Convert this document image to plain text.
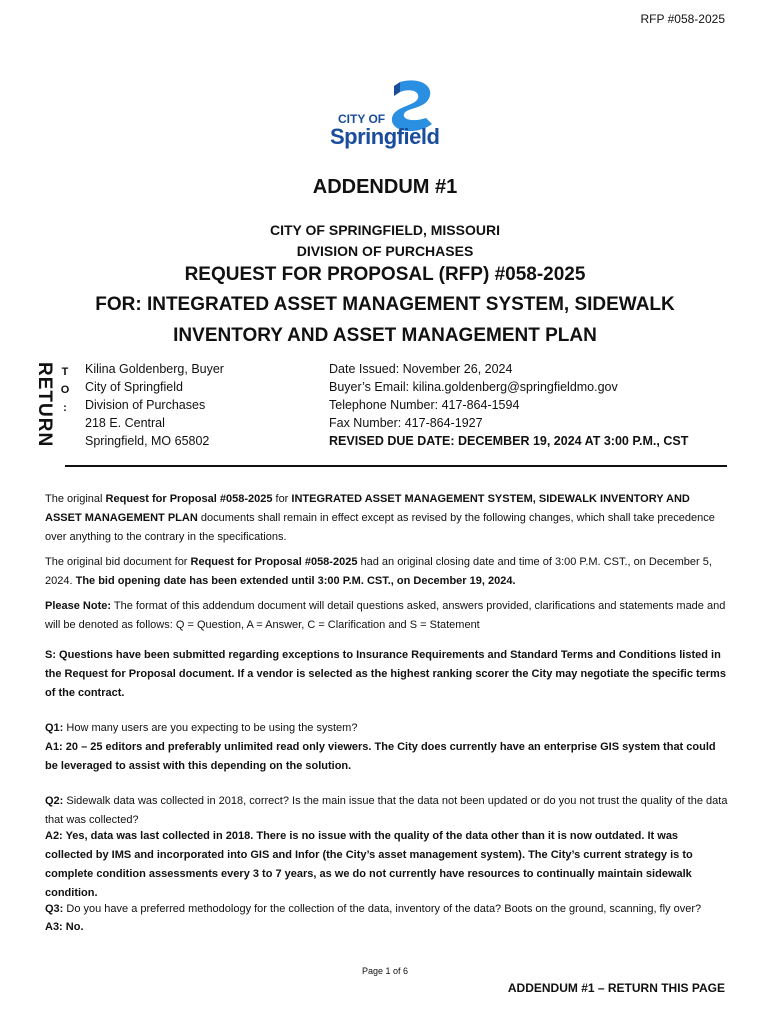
RFP #058-2025
CITY OF
Springfield
ADDENDUM #1
CITY OF SPRINGFIELD, MISSOURI
DIVISION OF PURCHASES
REQUEST FOR PROPOSAL (RFP) #058-2025
FOR: INTEGRATED ASSET MANAGEMENT SYSTEM, SIDEWALK
INVENTORY AND ASSET MANAGEMENT PLAN
RETURN T
O
:
Kilina Goldenberg, Buyer
City of Springfield
Division of Purchases
218 E. Central
Springfield, MO 65802
Date Issued: November 26, 2024
Buyer’s Email: kilina.goldenberg@springfieldmo.gov
Telephone Number: 417-864-1594
Fax Number: 417-864-1927
REVISED DUE DATE: DECEMBER 19, 2024 AT 3:00 P.M., CST
The original Request for Proposal #058-2025 for INTEGRATED ASSET MANAGEMENT SYSTEM, SIDEWALK INVENTORY AND ASSET MANAGEMENT PLAN documents shall remain in effect except as revised by the following changes, which shall take precedence over anything to the contrary in the specifications.
The original bid document for Request for Proposal #058-2025 had an original closing date and time of 3:00 P.M. CST., on December 5, 2024. The bid opening date has been extended until 3:00 P.M. CST., on December 19, 2024.
Please Note: The format of this addendum document will detail questions asked, answers provided, clarifications and statements made and will be denoted as follows: Q = Question, A = Answer, C = Clarification and S = Statement
S: Questions have been submitted regarding exceptions to Insurance Requirements and Standard Terms and Conditions listed in the Request for Proposal document. If a vendor is selected as the highest ranking scorer the City may negotiate the specific terms of the contract.
Q1: How many users are you expecting to be using the system?
A1: 20 – 25 editors and preferably unlimited read only viewers. The City does currently have an enterprise GIS system that could be leveraged to assist with this depending on the solution.
Q2: Sidewalk data was collected in 2018, correct? Is the main issue that the data not been updated or do you not trust the quality of the data that was collected?
A2: Yes, data was last collected in 2018. There is no issue with the quality of the data other than it is now outdated. It was collected by IMS and incorporated into GIS and Infor (the City’s asset management system). The City’s current strategy is to complete condition assessments every 3 to 7 years, as we do not currently have resources to continually maintain sidewalk condition.
Q3: Do you have a preferred methodology for the collection of the data, inventory of the data? Boots on the ground, scanning, fly over?
A3: No.
Page 1 of 6
ADDENDUM #1 – RETURN THIS PAGE
